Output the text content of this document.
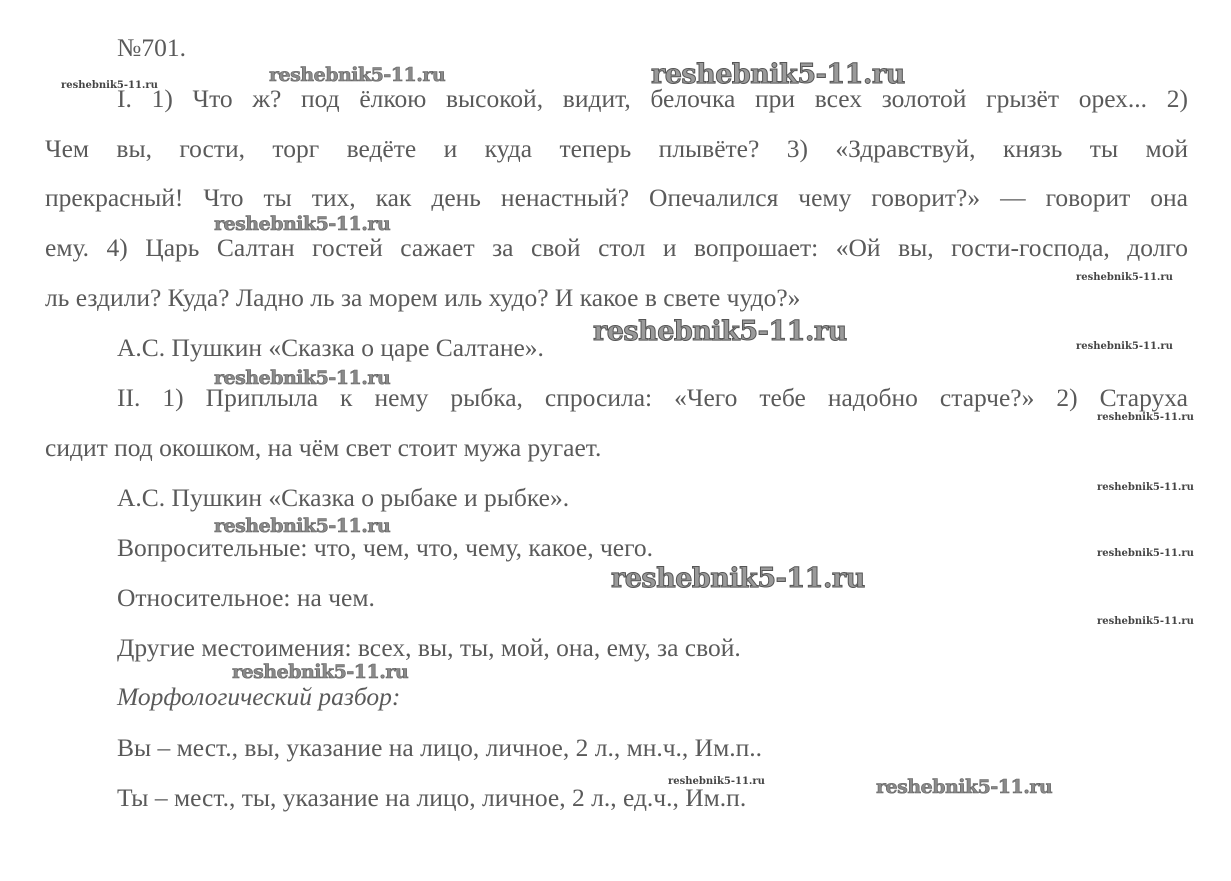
№701.
I. 1) Что ж? под ёлкою высокой, видит, белочка при всех золотой грызёт орех... 2)
Чем вы, гости, торг ведёте и куда теперь плывёте? 3) «Здравствуй, князь ты мой
прекрасный! Что ты тих, как день ненастный? Опечалился чему говорит?» — говорит она
ему. 4) Царь Салтан гостей сажает за свой стол и вопрошает: «Ой вы, гости-господа, долго
ль ездили? Куда? Ладно ль за морем иль худо? И какое в свете чудо?»
А.С. Пушкин «Сказка о царе Салтане».
II. 1) Приплыла к нему рыбка, спросила: «Чего тебе надобно старче?» 2) Старуха
сидит под окошком, на чём свет стоит мужа ругает.
А.С. Пушкин «Сказка о рыбаке и рыбке».
Вопросительные: что, чем, что, чему, какое, чего.
Относительное: на чем.
Другие местоимения: всех, вы, ты, мой, она, ему, за свой.
Морфологический разбор:
Вы – мест., вы, указание на лицо, личное, 2 л., мн.ч., Им.п..
Ты – мест., ты, указание на лицо, личное, 2 л., ед.ч., Им.п.
reshebnik5-11.ru	reshebnik5-11.ru	reshebnik5-11.ru
reshebnik5-11.ru
reshebnik5-11.ru
reshebnik5-11.ru	reshebnik5-11.ru
reshebnik5-11.ru
reshebnik5-11.ru
reshebnik5-11.ru
reshebnik5-11.ru
reshebnik5-11.ru
reshebnik5-11.ru
reshebnik5-11.ru
reshebnik5-11.ru
reshebnik5-11.ru	reshebnik5-11.ru
